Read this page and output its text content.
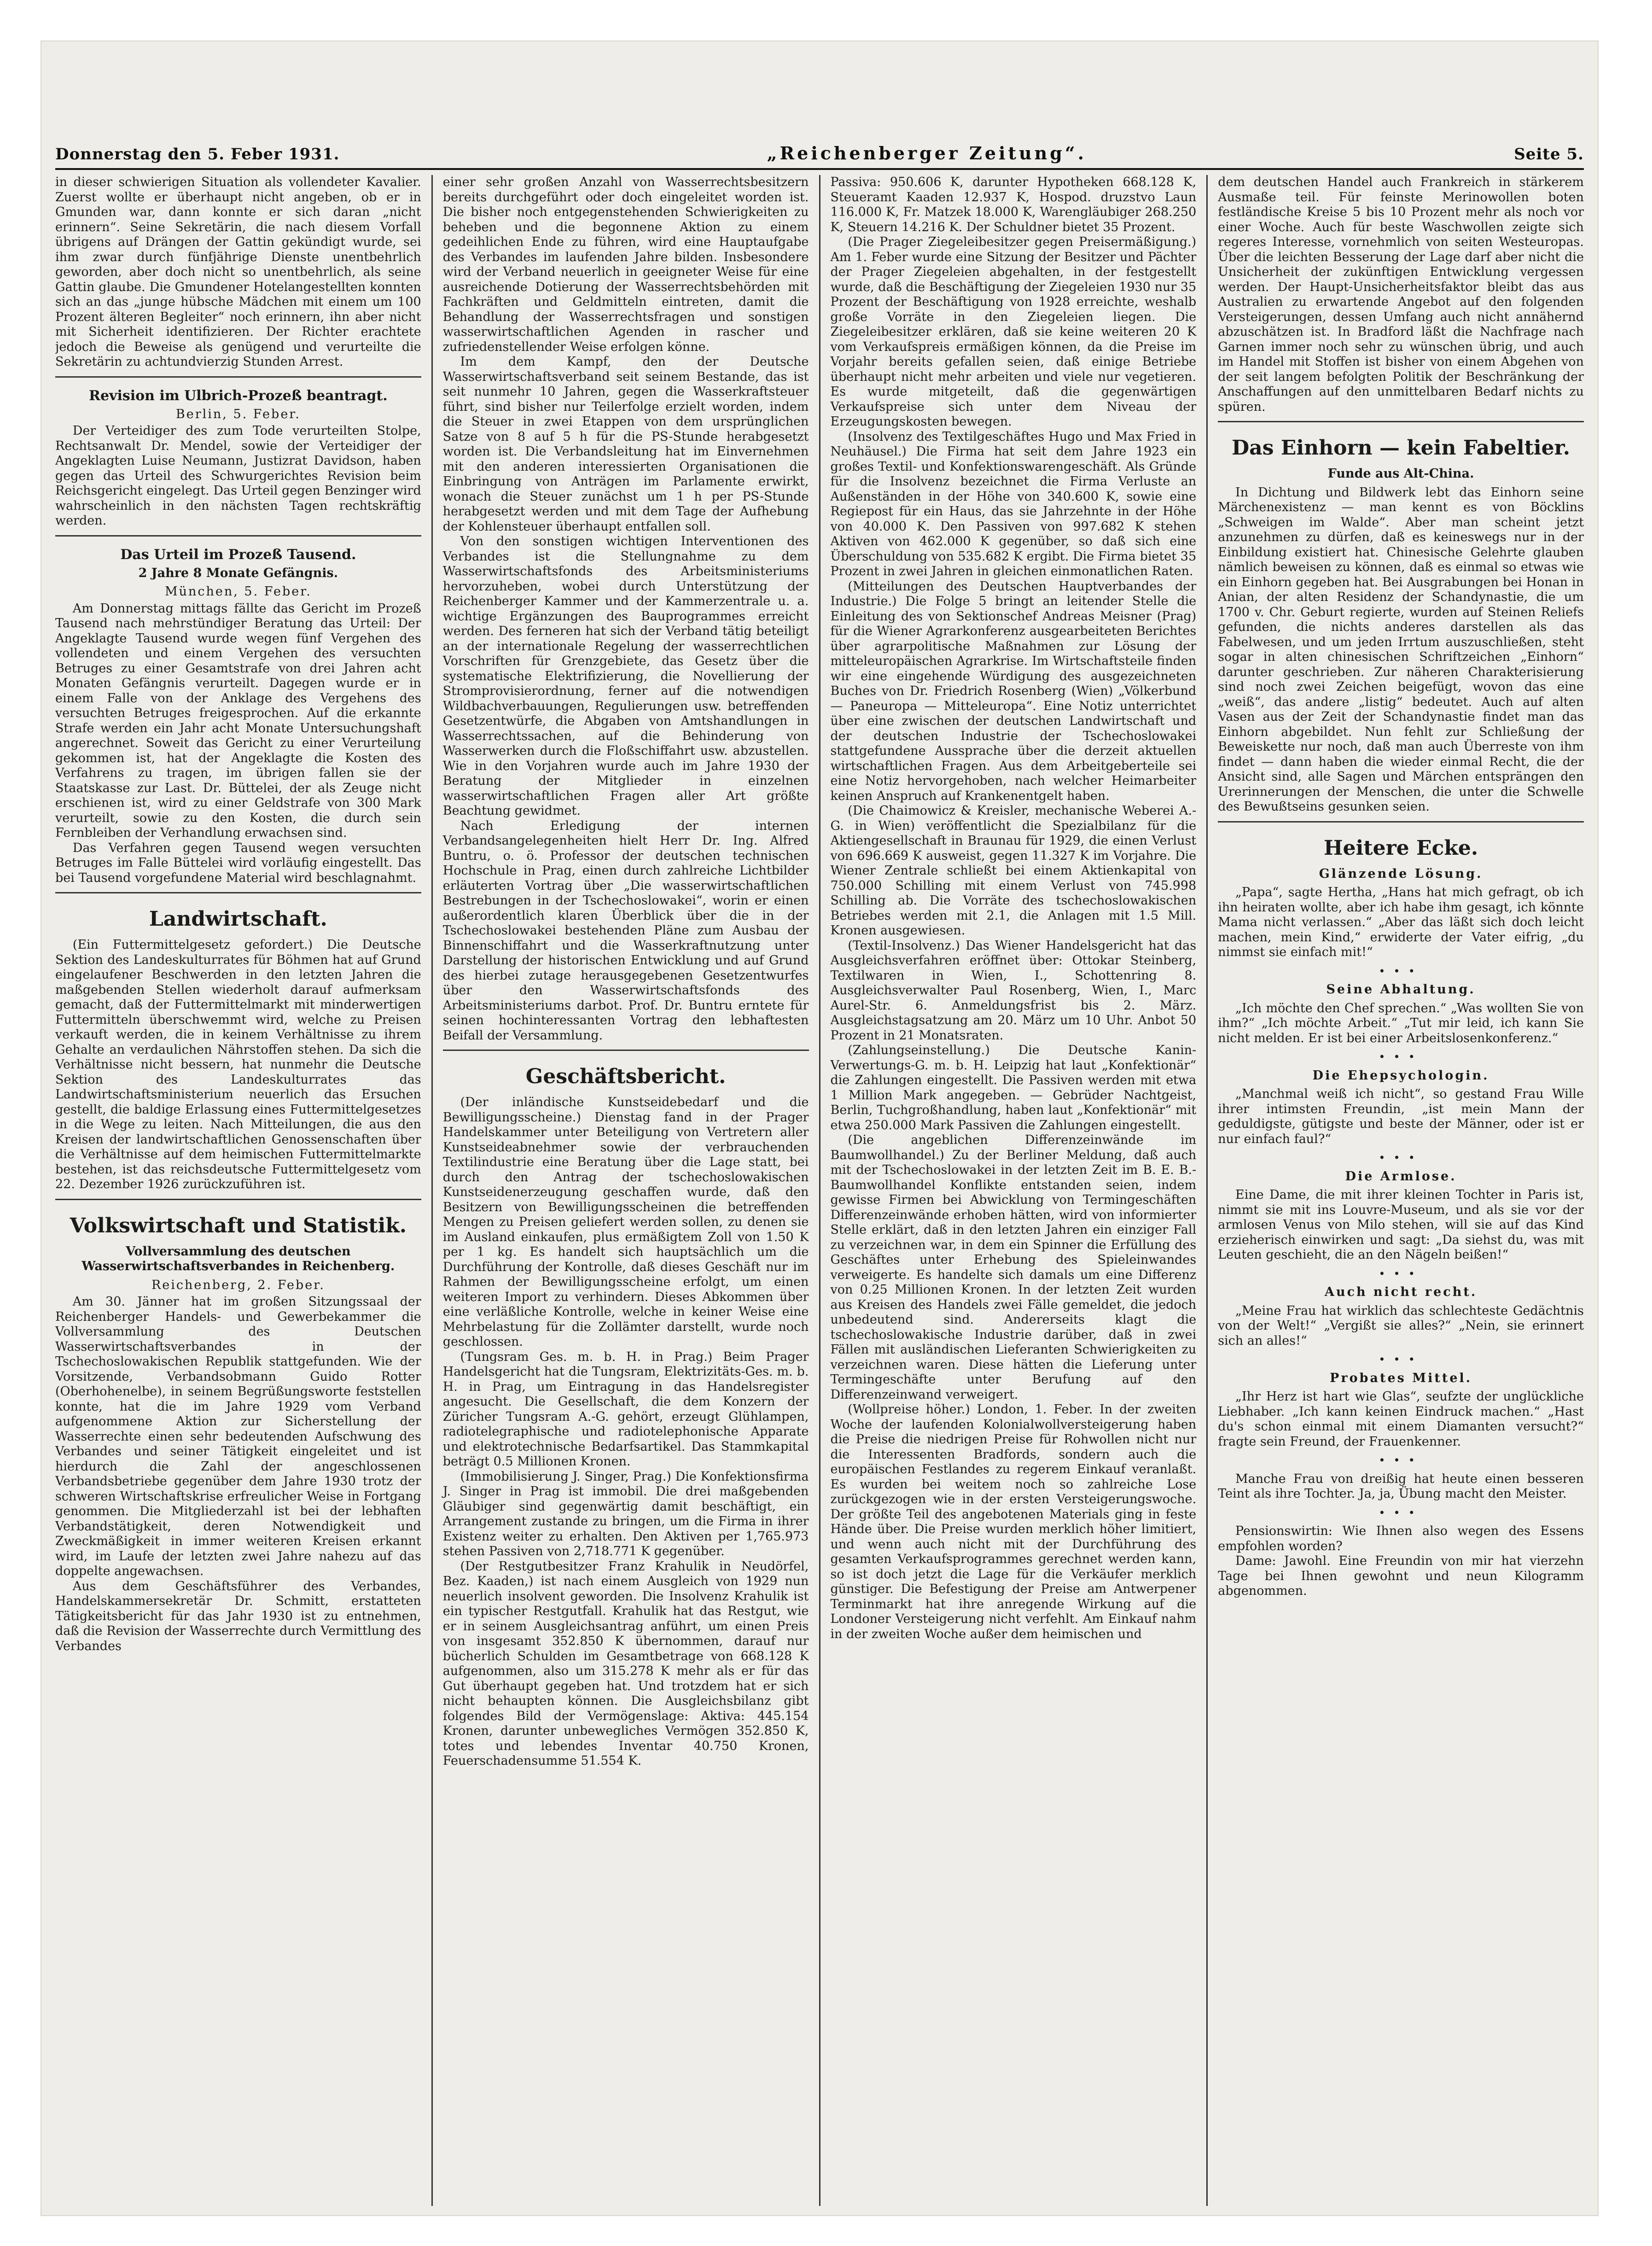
Donnerstag den 5. Feber 1931.	„Reichenberger Zeitung“.	Seite 5.

in dieser schwierigen Situation als vollendeter Kavalier. Zuerst wollte er überhaupt nicht angeben, ob er in Gmunden war, dann konnte er sich daran „nicht erinnern“. Seine Sekretärin, die nach diesem Vorfall übrigens auf Drängen der Gattin gekündigt wurde, sei ihm zwar durch fünfjährige Dienste unentbehrlich geworden, aber doch nicht so unentbehrlich, als seine Gattin glaube. Die Gmundener Hotelangestellten konnten sich an das „junge hübsche Mädchen mit einem um 100 Prozent älteren Begleiter“ noch erinnern, ihn aber nicht mit Sicherheit identifizieren. Der Richter erachtete jedoch die Beweise als genügend und verurteilte die Sekretärin zu achtundvierzig Stunden Arrest.

Revision im Ulbrich-Prozeß beantragt.
Berlin, 5. Feber.

Der Verteidiger des zum Tode verurteilten Stolpe, Rechtsanwalt Dr. Mendel, sowie der Verteidiger der Angeklagten Luise Neumann, Justizrat Davidson, haben gegen das Urteil des Schwurgerichtes Revision beim Reichsgericht eingelegt. Das Urteil gegen Benzinger wird wahrscheinlich in den nächsten Tagen rechtskräftig werden.

Das Urteil im Prozeß Tausend.
2 Jahre 8 Monate Gefängnis.
München, 5. Feber.

Am Donnerstag mittags fällte das Gericht im Prozeß Tausend nach mehrstündiger Beratung das Urteil: Der Angeklagte Tausend wurde wegen fünf Vergehen des vollendeten und einem Vergehen des versuchten Betruges zu einer Gesamtstrafe von drei Jahren acht Monaten Gefängnis verurteilt. Dagegen wurde er in einem Falle von der Anklage des Vergehens des versuchten Betruges freigesprochen. Auf die erkannte Strafe werden ein Jahr acht Monate Untersuchungshaft angerechnet. Soweit das Gericht zu einer Verurteilung gekommen ist, hat der Angeklagte die Kosten des Verfahrens zu tragen, im übrigen fallen sie der Staatskasse zur Last. Dr. Büttelei, der als Zeuge nicht erschienen ist, wird zu einer Geldstrafe von 300 Mark verurteilt, sowie zu den Kosten, die durch sein Fernbleiben der Verhandlung erwachsen sind.

Das Verfahren gegen Tausend wegen versuchten Betruges im Falle Büttelei wird vorläufig eingestellt. Das bei Tausend vorgefundene Material wird beschlagnahmt.

Landwirtschaft.

(Ein Futtermittelgesetz gefordert.) Die Deutsche Sektion des Landeskulturrates für Böhmen hat auf Grund eingelaufener Beschwerden in den letzten Jahren die maßgebenden Stellen wiederholt darauf aufmerksam gemacht, daß der Futtermittelmarkt mit minderwertigen Futtermitteln überschwemmt wird, welche zu Preisen verkauft werden, die in keinem Verhältnisse zu ihrem Gehalte an verdaulichen Nährstoffen stehen. Da sich die Verhältnisse nicht bessern, hat nunmehr die Deutsche Sektion des Landeskulturrates das Landwirtschaftsministerium neuerlich das Ersuchen gestellt, die baldige Erlassung eines Futtermittelgesetzes in die Wege zu leiten. Nach Mitteilungen, die aus den Kreisen der landwirtschaftlichen Genossenschaften über die Verhältnisse auf dem heimischen Futtermittelmarkte bestehen, ist das reichsdeutsche Futtermittelgesetz vom 22. Dezember 1926 zurückzuführen ist.

Volkswirtschaft und Statistik.
Vollversammlung des deutschen Wasserwirtschaftsverbandes in Reichenberg.
Reichenberg, 2. Feber.

Am 30. Jänner hat im großen Sitzungssaal der Reichenberger Handels- und Gewerbekammer die Vollversammlung des Deutschen Wasserwirtschaftsverbandes in der Tschechoslowakischen Republik stattgefunden. Wie der Vorsitzende, Verbandsobmann Guido Rotter (Oberhohenelbe), in seinem Begrüßungsworte feststellen konnte, hat die im Jahre 1929 vom Verband aufgenommene Aktion zur Sicherstellung der Wasserrechte einen sehr bedeutenden Aufschwung des Verbandes und seiner Tätigkeit eingeleitet und ist hierdurch die Zahl der angeschlossenen Verbandsbetriebe gegenüber dem Jahre 1930 trotz der schweren Wirtschaftskrise erfreulicher Weise in Fortgang genommen. Die Mitgliederzahl ist bei der lebhaften Verbandstätigkeit, deren Notwendigkeit und Zweckmäßigkeit in immer weiteren Kreisen erkannt wird, im Laufe der letzten zwei Jahre nahezu auf das doppelte angewachsen.

Aus dem Geschäftsführer des Verbandes, Handelskammersekretär Dr. Schmitt, erstatteten Tätigkeitsbericht für das Jahr 1930 ist zu entnehmen, daß die Revision der Wasserrechte durch Vermittlung des Verbandes

einer sehr großen Anzahl von Wasserrechtsbesitzern bereits durchgeführt oder doch eingeleitet worden ist. Die bisher noch entgegenstehenden Schwierigkeiten zu beheben und die begonnene Aktion zu einem gedeihlichen Ende zu führen, wird eine Hauptaufgabe des Verbandes im laufenden Jahre bilden. Insbesondere wird der Verband neuerlich in geeigneter Weise für eine ausreichende Dotierung der Wasserrechtsbehörden mit Fachkräften und Geldmitteln eintreten, damit die Behandlung der Wasserrechtsfragen und sonstigen wasserwirtschaftlichen Agenden in rascher und zufriedenstellender Weise erfolgen könne.

Im dem Kampf, den der Deutsche Wasserwirtschaftsverband seit seinem Bestande, das ist seit nunmehr 10 Jahren, gegen die Wasserkraftsteuer führt, sind bisher nur Teilerfolge erzielt worden, indem die Steuer in zwei Etappen von dem ursprünglichen Satze von 8 auf 5 h für die PS-Stunde herabgesetzt worden ist. Die Verbandsleitung hat im Einvernehmen mit den anderen interessierten Organisationen die Einbringung von Anträgen im Parlamente erwirkt, wonach die Steuer zunächst um 1 h per PS-Stunde herabgesetzt werden und mit dem Tage der Aufhebung der Kohlensteuer überhaupt entfallen soll.

Von den sonstigen wichtigen Interventionen des Verbandes ist die Stellungnahme zu dem Wasserwirtschaftsfonds des Arbeitsministeriums hervorzuheben, wobei durch Unterstützung der Reichenberger Kammer und der Kammerzentrale u. a. wichtige Ergänzungen des Bauprogrammes erreicht werden. Des ferneren hat sich der Verband tätig beteiligt an der internationale Regelung der wasserrechtlichen Vorschriften für Grenzgebiete, das Gesetz über die systematische Elektrifizierung, die Novellierung der Stromprovisierordnung, ferner auf die notwendigen Wildbachverbauungen, Regulierungen usw. betreffenden Gesetzentwürfe, die Abgaben von Amtshandlungen in Wasserrechtssachen, auf die Behinderung von Wasserwerken durch die Floßschiffahrt usw. abzustellen. Wie in den Vorjahren wurde auch im Jahre 1930 der Beratung der Mitglieder in einzelnen wasserwirtschaftlichen Fragen aller Art größte Beachtung gewidmet.

Nach Erledigung der internen Verbandsangelegenheiten hielt Herr Dr. Ing. Alfred Buntru, o. ö. Professor der deutschen technischen Hochschule in Prag, einen durch zahlreiche Lichtbilder erläuterten Vortrag über „Die wasserwirtschaftlichen Bestrebungen in der Tschechoslowakei“, worin er einen außerordentlich klaren Überblick über die in der Tschechoslowakei bestehenden Pläne zum Ausbau der Binnenschiffahrt und die Wasserkraftnutzung unter Darstellung der historischen Entwicklung und auf Grund des hierbei zutage herausgegebenen Gesetzentwurfes über den Wasserwirtschaftsfonds des Arbeitsministeriums darbot. Prof. Dr. Buntru erntete für seinen hochinteressanten Vortrag den lebhaftesten Beifall der Versammlung.

Geschäftsbericht.

(Der inländische Kunstseidebedarf und die Bewilligungsscheine.) Dienstag fand in der Prager Handelskammer unter Beteiligung von Vertretern aller Kunstseideabnehmer sowie der verbrauchenden Textilindustrie eine Beratung über die Lage statt, bei durch den Antrag der tschechoslowakischen Kunstseidenerzeugung geschaffen wurde, daß den Besitzern von Bewilligungsscheinen die betreffenden Mengen zu Preisen geliefert werden sollen, zu denen sie im Ausland einkaufen, plus ermäßigtem Zoll von 1.50 K per 1 kg. Es handelt sich hauptsächlich um die Durchführung der Kontrolle, daß dieses Geschäft nur im Rahmen der Bewilligungsscheine erfolgt, um einen weiteren Import zu verhindern. Dieses Abkommen über eine verläßliche Kontrolle, welche in keiner Weise eine Mehrbelastung für die Zollämter darstellt, wurde noch geschlossen.

(Tungsram Ges. m. b. H. in Prag.) Beim Prager Handelsgericht hat die Tungsram, Elektrizitäts-Ges. m. b. H. in Prag, um Eintragung in das Handelsregister angesucht. Die Gesellschaft, die dem Konzern der Züricher Tungsram A.-G. gehört, erzeugt Glühlampen, radiotelegraphische und radiotelephonische Apparate und elektrotechnische Bedarfsartikel. Das Stammkapital beträgt 0.5 Millionen Kronen.

(Immobilisierung J. Singer, Prag.) Die Konfektionsfirma J. Singer in Prag ist immobil. Die drei maßgebenden Gläubiger sind gegenwärtig damit beschäftigt, ein Arrangement zustande zu bringen, um die Firma in ihrer Existenz weiter zu erhalten. Den Aktiven per 1,765.973 stehen Passiven von 2,718.771 K gegenüber.

(Der Restgutbesitzer Franz Krahulik in Neudörfel, Bez. Kaaden,) ist nach einem Ausgleich von 1929 nun neuerlich insolvent geworden. Die Insolvenz Krahulik ist ein typischer Restgutfall. Krahulik hat das Restgut, wie er in seinem Ausgleichsantrag anführt, um einen Preis von insgesamt 352.850 K übernommen, darauf nur bücherlich Schulden im Gesamtbetrage von 668.128 K aufgenommen, also um 315.278 K mehr als er für das Gut überhaupt gegeben hat. Und trotzdem hat er sich nicht behaupten können. Die Ausgleichsbilanz gibt folgendes Bild der Vermögenslage: Aktiva: 445.154 Kronen, darunter unbewegliches Vermögen 352.850 K, totes und lebendes Inventar 40.750 Kronen, Feuerschadensumme 51.554 K.

Passiva: 950.606 K, darunter Hypotheken 668.128 K, Steueramt Kaaden 12.937 K, Hospod. druzstvo Laun 116.000 K, Fr. Matzek 18.000 K, Warengläubiger 268.250 K, Steuern 14.216 K. Der Schuldner bietet 35 Prozent.

(Die Prager Ziegeleibesitzer gegen Preisermäßigung.) Am 1. Feber wurde eine Sitzung der Besitzer und Pächter der Prager Ziegeleien abgehalten, in der festgestellt wurde, daß die Beschäftigung der Ziegeleien 1930 nur 35 Prozent der Beschäftigung von 1928 erreichte, weshalb große Vorräte in den Ziegeleien liegen. Die Ziegeleibesitzer erklären, daß sie keine weiteren 20 K vom Verkaufspreis ermäßigen können, da die Preise im Vorjahr bereits gefallen seien, daß einige Betriebe überhaupt nicht mehr arbeiten und viele nur vegetieren. Es wurde mitgeteilt, daß die gegenwärtigen Verkaufspreise sich unter dem Niveau der Erzeugungskosten bewegen.

(Insolvenz des Textilgeschäftes Hugo und Max Fried in Neuhäusel.) Die Firma hat seit dem Jahre 1923 ein großes Textil- und Konfektionswarengeschäft. Als Gründe für die Insolvenz bezeichnet die Firma Verluste an Außenständen in der Höhe von 340.600 K, sowie eine Regiepost für ein Haus, das sie Jahrzehnte in der Höhe von 40.000 K. Den Passiven von 997.682 K stehen Aktiven von 462.000 K gegenüber, so daß sich eine Überschuldung von 535.682 K ergibt. Die Firma bietet 35 Prozent in zwei Jahren in gleichen einmonatlichen Raten.

(Mitteilungen des Deutschen Hauptverbandes der Industrie.) Die Folge 5 bringt an leitender Stelle die Einleitung des von Sektionschef Andreas Meisner (Prag) für die Wiener Agrarkonferenz ausgearbeiteten Berichtes über agrarpolitische Maßnahmen zur Lösung der mitteleuropäischen Agrarkrise. Im Wirtschaftsteile finden wir eine eingehende Würdigung des ausgezeichneten Buches von Dr. Friedrich Rosenberg (Wien) „Völkerbund — Paneuropa — Mitteleuropa“. Eine Notiz unterrichtet über eine zwischen der deutschen Landwirtschaft und der deutschen Industrie der Tschechoslowakei stattgefundene Aussprache über die derzeit aktuellen wirtschaftlichen Fragen. Aus dem Arbeitgeberteile sei eine Notiz hervorgehoben, nach welcher Heimarbeiter keinen Anspruch auf Krankenentgelt haben.

(Die Chaimowicz & Kreisler, mechanische Weberei A.-G. in Wien) veröffentlicht die Spezialbilanz für die Aktiengesellschaft in Braunau für 1929, die einen Verlust von 696.669 K ausweist, gegen 11.327 K im Vorjahre. Die Wiener Zentrale schließt bei einem Aktienkapital von 750.000 Schilling mit einem Verlust von 745.998 Schilling ab. Die Vorräte des tschechoslowakischen Betriebes werden mit 2.1, die Anlagen mit 1.5 Mill. Kronen ausgewiesen.

(Textil-Insolvenz.) Das Wiener Handelsgericht hat das Ausgleichsverfahren eröffnet über: Ottokar Steinberg, Textilwaren in Wien, I., Schottenring 8. Ausgleichsverwalter Paul Rosenberg, Wien, I., Marc Aurel-Str. 6. Anmeldungsfrist bis 2. März. Ausgleichstagsatzung am 20. März um 10 Uhr. Anbot 50 Prozent in 21 Monatsraten.

(Zahlungseinstellung.) Die Deutsche Kanin-Verwertungs-G. m. b. H. Leipzig hat laut „Konfektionär“ die Zahlungen eingestellt. Die Passiven werden mit etwa 1 Million Mark angegeben. — Gebrüder Nachtgeist, Berlin, Tuchgroßhandlung, haben laut „Konfektionär“ mit etwa 250.000 Mark Passiven die Zahlungen eingestellt.

(Die angeblichen Differenzeinwände im Baumwollhandel.) Zu der Berliner Meldung, daß auch mit der Tschechoslowakei in der letzten Zeit im B. E. B.-Baumwollhandel Konflikte entstanden seien, indem gewisse Firmen bei Abwicklung von Termingeschäften Differenzeinwände erhoben hätten, wird von informierter Stelle erklärt, daß in den letzten Jahren ein einziger Fall zu verzeichnen war, in dem ein Spinner die Erfüllung des Geschäftes unter Erhebung des Spieleinwandes verweigerte. Es handelte sich damals um eine Differenz von 0.25 Millionen Kronen. In der letzten Zeit wurden aus Kreisen des Handels zwei Fälle gemeldet, die jedoch unbedeutend sind. Andererseits klagt die tschechoslowakische Industrie darüber, daß in zwei Fällen mit ausländischen Lieferanten Schwierigkeiten zu verzeichnen waren. Diese hätten die Lieferung unter Termingeschäfte unter Berufung auf den Differenzeinwand verweigert.

(Wollpreise höher.) London, 1. Feber. In der zweiten Woche der laufenden Kolonialwollversteigerung haben die Preise die niedrigen Preise für Rohwollen nicht nur die Interessenten Bradfords, sondern auch die europäischen Festlandes zu regerem Einkauf veranlaßt. Es wurden bei weitem noch so zahlreiche Lose zurückgezogen wie in der ersten Versteigerungswoche. Der größte Teil des angebotenen Materials ging in feste Hände über. Die Preise wurden merklich höher limitiert, und wenn auch nicht mit der Durchführung des gesamten Verkaufsprogrammes gerechnet werden kann, so ist doch jetzt die Lage für die Verkäufer merklich günstiger. Die Befestigung der Preise am Antwerpener Terminmarkt hat ihre anregende Wirkung auf die Londoner Versteigerung nicht verfehlt. Am Einkauf nahm in der zweiten Woche außer dem heimischen und

dem deutschen Handel auch Frankreich in stärkerem Ausmaße teil. Für feinste Merinowollen boten festländische Kreise 5 bis 10 Prozent mehr als noch vor einer Woche. Auch für beste Waschwollen zeigte sich regeres Interesse, vornehmlich von seiten Westeuropas. Über die leichten Besserung der Lage darf aber nicht die Unsicherheit der zukünftigen Entwicklung vergessen werden. Der Haupt-Unsicherheitsfaktor bleibt das aus Australien zu erwartende Angebot auf den folgenden Versteigerungen, dessen Umfang auch nicht annähernd abzuschätzen ist. In Bradford läßt die Nachfrage nach Garnen immer noch sehr zu wünschen übrig, und auch im Handel mit Stoffen ist bisher von einem Abgehen von der seit langem befolgten Politik der Beschränkung der Anschaffungen auf den unmittelbaren Bedarf nichts zu spüren.

Das Einhorn — kein Fabeltier.
Funde aus Alt-China.

In Dichtung und Bildwerk lebt das Einhorn seine Märchenexistenz — man kennt es von Böcklins „Schweigen im Walde“. Aber man scheint jetzt anzunehmen zu dürfen, daß es keineswegs nur in der Einbildung existiert hat. Chinesische Gelehrte glauben nämlich beweisen zu können, daß es einmal so etwas wie ein Einhorn gegeben hat. Bei Ausgrabungen bei Honan in Anian, der alten Residenz der Schandynastie, die um 1700 v. Chr. Geburt regierte, wurden auf Steinen Reliefs gefunden, die nichts anderes darstellen als das Fabelwesen, und um jeden Irrtum auszuschließen, steht sogar in alten chinesischen Schriftzeichen „Einhorn“ darunter geschrieben. Zur näheren Charakterisierung sind noch zwei Zeichen beigefügt, wovon das eine „weiß“, das andere „listig“ bedeutet. Auch auf alten Vasen aus der Zeit der Schandynastie findet man das Einhorn abgebildet. Nun fehlt zur Schließung der Beweiskette nur noch, daß man auch Überreste von ihm findet — dann haben die wieder einmal Recht, die der Ansicht sind, alle Sagen und Märchen entsprängen den Urerinnerungen der Menschen, die unter die Schwelle des Bewußtseins gesunken seien.

Heitere Ecke.
Glänzende Lösung.

„Papa“, sagte Hertha, „Hans hat mich gefragt, ob ich ihn heiraten wollte, aber ich habe ihm gesagt, ich könnte Mama nicht verlassen.“ „Aber das läßt sich doch leicht machen, mein Kind,“ erwiderte der Vater eifrig, „du nimmst sie einfach mit!“

•••
Seine Abhaltung.

„Ich möchte den Chef sprechen.“ „Was wollten Sie von ihm?“ „Ich möchte Arbeit.“ „Tut mir leid, ich kann Sie nicht melden. Er ist bei einer Arbeitslosenkonferenz.“

•••
Die Ehepsychologin.

„Manchmal weiß ich nicht“, so gestand Frau Wille ihrer intimsten Freundin, „ist mein Mann der geduldigste, gütigste und beste der Männer, oder ist er nur einfach faul?“

•••
Die Armlose.

Eine Dame, die mit ihrer kleinen Tochter in Paris ist, nimmt sie mit ins Louvre-Museum, und als sie vor der armlosen Venus von Milo stehen, will sie auf das Kind erzieherisch einwirken und sagt: „Da siehst du, was mit Leuten geschieht, die an den Nägeln beißen!“

•••
Auch nicht recht.

„Meine Frau hat wirklich das schlechteste Gedächtnis von der Welt!“ „Vergißt sie alles?“ „Nein, sie erinnert sich an alles!“

•••
Probates Mittel.

„Ihr Herz ist hart wie Glas“, seufzte der unglückliche Liebhaber. „Ich kann keinen Eindruck machen.“ „Hast du's schon einmal mit einem Diamanten versucht?“ fragte sein Freund, der Frauenkenner.

•••

Manche Frau von dreißig hat heute einen besseren Teint als ihre Tochter. Ja, ja, Übung macht den Meister.

•••

Pensionswirtin: Wie Ihnen also wegen des Essens empfohlen worden?

Dame: Jawohl. Eine Freundin von mir hat vierzehn Tage bei Ihnen gewohnt und neun Kilogramm abgenommen.
